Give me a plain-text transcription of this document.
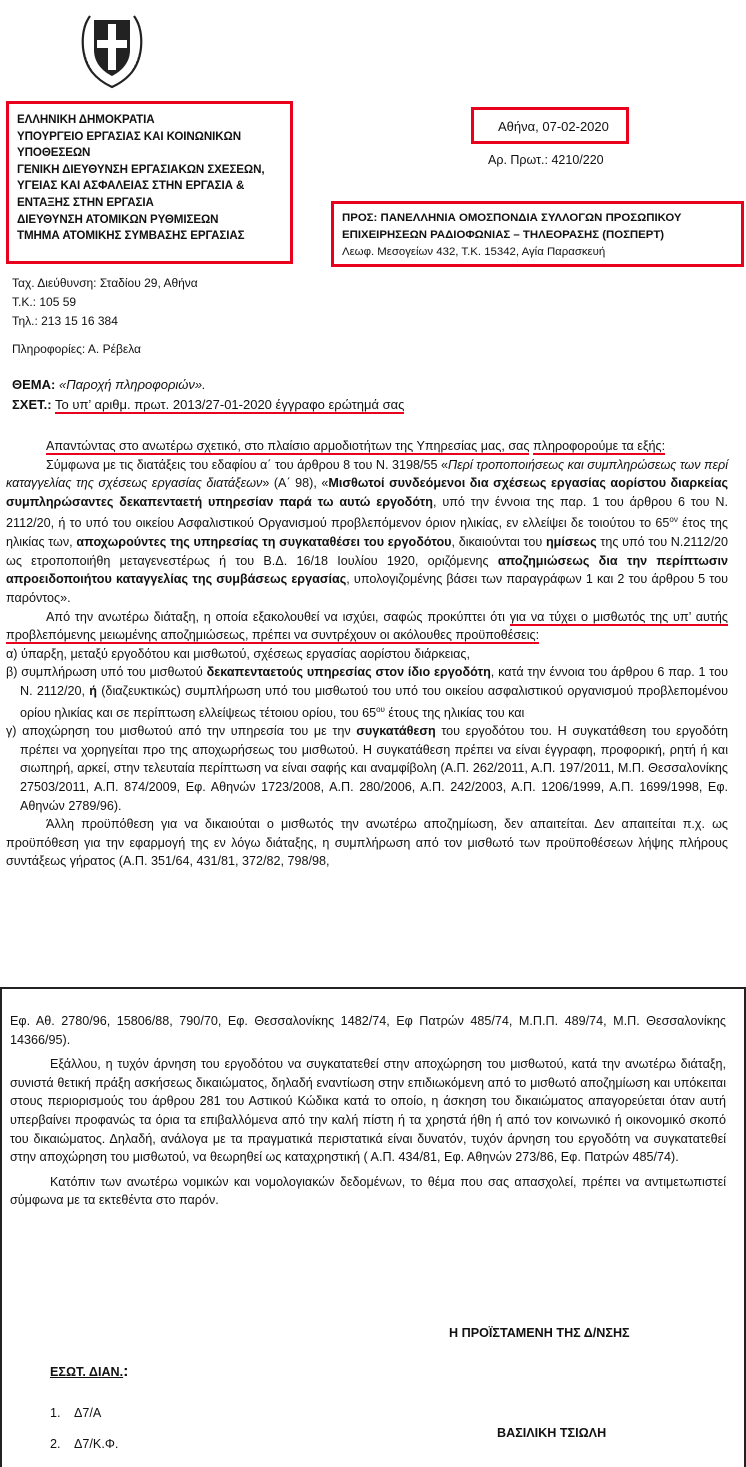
ΕΛΛΗΝΙΚΗ ΔΗΜΟΚΡΑΤΙΑ
ΥΠΟΥΡΓΕΙΟ ΕΡΓΑΣΙΑΣ ΚΑΙ ΚΟΙΝΩΝΙΚΩΝ
ΥΠΟΘΕΣΕΩΝ
ΓΕΝΙΚΗ ΔΙΕΥΘΥΝΣΗ ΕΡΓΑΣΙΑΚΩΝ ΣΧΕΣΕΩΝ,
ΥΓΕΙΑΣ ΚΑΙ ΑΣΦΑΛΕΙΑΣ ΣΤΗΝ ΕΡΓΑΣΙΑ &
ΕΝΤΑΞΗΣ ΣΤΗΝ ΕΡΓΑΣΙΑ
ΔΙΕΥΘΥΝΣΗ ΑΤΟΜΙΚΩΝ ΡΥΘΜΙΣΕΩΝ
ΤΜΗΜΑ ΑΤΟΜΙΚΗΣ ΣΥΜΒΑΣΗΣ ΕΡΓΑΣΙΑΣ
Αθήνα, 07-02-2020
Αρ. Πρωτ.: 4210/220
ΠΡΟΣ: ΠΑΝΕΛΛΗΝΙΑ ΟΜΟΣΠΟΝΔΙΑ ΣΥΛΛΟΓΩΝ ΠΡΟΣΩΠΙΚΟΥ
ΕΠΙΧΕΙΡΗΣΕΩΝ ΡΑΔΙΟΦΩΝΙΑΣ – ΤΗΛΕΟΡΑΣΗΣ (ΠΟΣΠΕΡΤ)
Λεωφ. Μεσογείων 432, Τ.Κ. 15342, Αγία Παρασκευή
Ταχ. Διεύθυνση: Σταδίου 29, Αθήνα
Τ.Κ.: 105 59
Τηλ.: 213 15 16 384
Πληροφορίες: Α. Ρέβελα
ΘΕΜΑ: «Παροχή πληροφοριών».
ΣΧΕΤ.: Το υπ’ αριθμ. πρωτ. 2013/27-01-2020 έγγραφο ερώτημά σας

Απαντώντας στο ανωτέρω σχετικό, στο πλαίσιο αρμοδιοτήτων της Υπηρεσίας μας, σας πληροφορούμε τα εξής:

Σύμφωνα με τις διατάξεις του εδαφίου α΄ του άρθρου 8 του Ν. 3198/55 «Περί τροποποιήσεως και συμπληρώσεως των περί καταγγελίας της σχέσεως εργασίας διατάξεων» (Α΄ 98), «Μισθωτοί συνδεόμενοι δια σχέσεως εργασίας αορίστου διαρκείας συμπληρώσαντες δεκαπενταετή υπηρεσίαν παρά τω αυτώ εργοδότη, υπό την έννοια της παρ. 1 του άρθρου 6 του Ν. 2112/20, ή το υπό του οικείου Ασφαλιστικού Οργανισμού προβλεπόμενον όριον ηλικίας, εν ελλείψει δε τοιούτου το $65^{o\nu}$ έτος της ηλικίας των, αποχωρούντες της υπηρεσίας τη συγκαταθέσει του εργοδότου, δικαιούνται του ημίσεως της υπό του Ν.2112/20 ως ετροποποιήθη μεταγενεστέρως ή του Β.Δ. 16/18 Ιουλίου 1920, οριζόμενης αποζημιώσεως δια την περίπτωσιν απροειδοποιήτου καταγγελίας της συμβάσεως εργασίας, υπολογιζομένης βάσει των παραγράφων 1 και 2 του άρθρου 5 του παρόντος».

Από την ανωτέρω διάταξη, η οποία εξακολουθεί να ισχύει, σαφώς προκύπτει ότι για να τύχει ο μισθωτός της υπ’ αυτής προβλεπόμενης μειωμένης αποζημιώσεως, πρέπει να συντρέχουν οι ακόλουθες προϋποθέσεις:

α) ύπαρξη, μεταξύ εργοδότου και μισθωτού, σχέσεως εργασίας αορίστου διάρκειας,

β) συμπλήρωση υπό του μισθωτού δεκαπενταετούς υπηρεσίας στον ίδιο εργοδότη, κατά την έννοια του άρθρου 6 παρ. 1 του Ν. 2112/20, ή (διαζευκτικώς) συμπλήρωση υπό του μισθωτού του υπό του οικείου ασφαλιστικού οργανισμού προβλεπομένου ορίου ηλικίας και σε περίπτωση ελλείψεως τέτοιου ορίου, του $65^{o\upsilon}$ έτους της ηλικίας του και

γ) αποχώρηση του μισθωτού από την υπηρεσία του με την συγκατάθεση του εργοδότου του. Η συγκατάθεση του εργοδότη πρέπει να χορηγείται προ της αποχωρήσεως του μισθωτού. Η συγκατάθεση πρέπει να είναι έγγραφη, προφορική, ρητή ή και σιωπηρή, αρκεί, στην τελευταία περίπτωση να είναι σαφής και αναμφίβολη (Α.Π. 262/2011, Α.Π. 197/2011, Μ.Π. Θεσσαλονίκης 27503/2011, Α.Π. 874/2009, Εφ. Αθηνών 1723/2008, Α.Π. 280/2006, Α.Π. 242/2003, Α.Π. 1206/1999, Α.Π. 1699/1998, Εφ. Αθηνών 2789/96).

Άλλη προϋπόθεση για να δικαιούται ο μισθωτός την ανωτέρω αποζημίωση, δεν απαιτείται. Δεν απαιτείται π.χ. ως προϋπόθεση για την εφαρμογή της εν λόγω διάταξης, η συμπλήρωση από τον μισθωτό των προϋποθέσεων λήψης πλήρους συντάξεως γήρατος (Α.Π. 351/64, 431/81, 372/82, 798/98,

Εφ. Αθ. 2780/96, 15806/88, 790/70, Εφ. Θεσσαλονίκης 1482/74, Εφ Πατρών 485/74, Μ.Π.Π. 489/74, Μ.Π. Θεσσαλονίκης 14366/95).

Εξάλλου, η τυχόν άρνηση του εργοδότου να συγκατατεθεί στην αποχώρηση του μισθωτού, κατά την ανωτέρω διάταξη, συνιστά θετική πράξη ασκήσεως δικαιώματος, δηλαδή εναντίωση στην επιδιωκόμενη από το μισθωτό αποζημίωση και υπόκειται στους περιορισμούς του άρθρου 281 του Αστικού Κώδικα κατά το οποίο, η άσκηση του δικαιώματος απαγορεύεται όταν αυτή υπερβαίνει προφανώς τα όρια τα επιβαλλόμενα από την καλή πίστη ή τα χρηστά ήθη ή από τον κοινωνικό ή οικονομικό σκοπό του δικαιώματος. Δηλαδή, ανάλογα με τα πραγματικά περιστατικά είναι δυνατόν, τυχόν άρνηση του εργοδότη να συγκατατεθεί στην αποχώρηση του μισθωτού, να θεωρηθεί ως καταχρηστική ( Α.Π. 434/81, Εφ. Αθηνών 273/86, Εφ. Πατρών 485/74).

Κατόπιν των ανωτέρω νομικών και νομολογιακών δεδομένων, το θέμα που σας απασχολεί, πρέπει να αντιμετωπιστεί σύμφωνα με τα εκτεθέντα στο παρόν.

Η ΠΡΟΪΣΤΑΜΕΝΗ ΤΗΣ Δ/ΝΣΗΣ
ΕΣΩΤ. ΔΙΑΝ.:
1. Δ7/Α
2. Δ7/Κ.Φ.
ΒΑΣΙΛΙΚΗ ΤΣΙΩΛΗ
